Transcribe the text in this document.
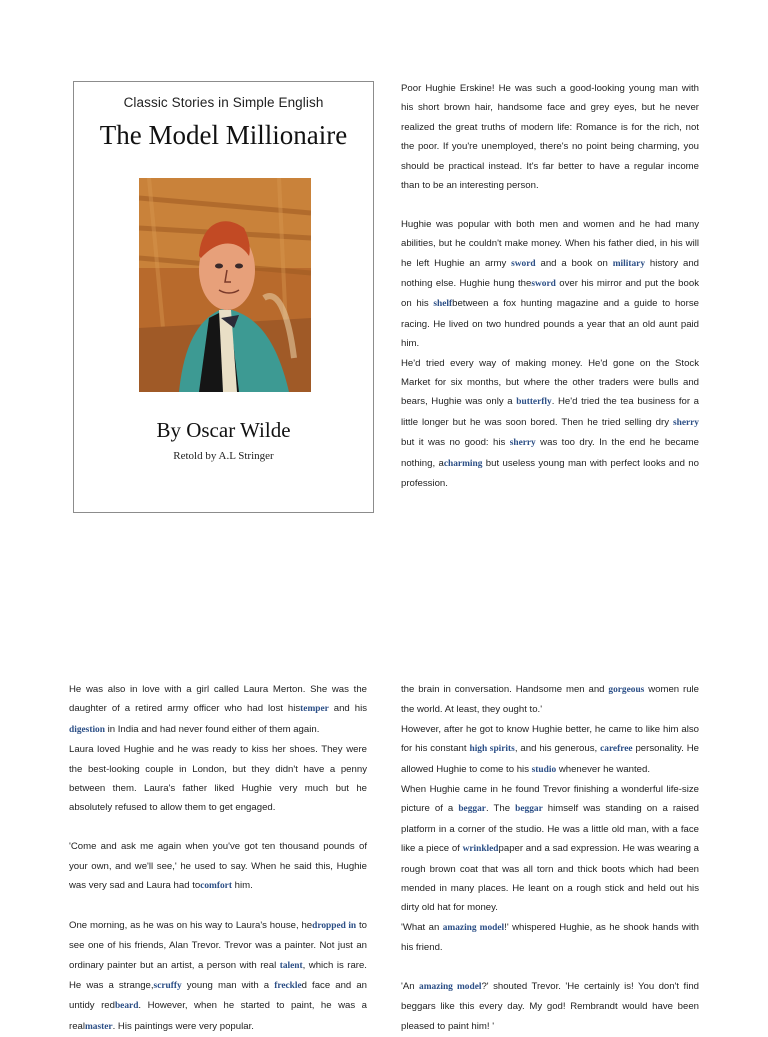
Classic Stories in Simple English
The Model Millionaire
By Oscar Wilde
Retold by A.L Stringer

Poor Hughie Erskine! He was such a good-looking young man with his short brown hair, handsome face and grey eyes, but he never realized the great truths of modern life: Romance is for the rich, not the poor. If you're unemployed, there's no point being charming, you should be practical instead. It's far better to have a regular income than to be an interesting person.

Hughie was popular with both men and women and he had many abilities, but he couldn't make money. When his father died, in his will he left Hughie an army sword and a book on military history and nothing else. Hughie hung thesword over his mirror and put the book on his shelfbetween a fox hunting magazine and a guide to horse racing. He lived on two hundred pounds a year that an old aunt paid him.

He'd tried every way of making money. He'd gone on the Stock Market for six months, but where the other traders were bulls and bears, Hughie was only a butterfly. He'd tried the tea business for a little longer but he was soon bored. Then he tried selling dry sherry but it was no good: his sherry was too dry. In the end he became nothing, acharming but useless young man with perfect looks and no profession.

He was also in love with a girl called Laura Merton. She was the daughter of a retired army officer who had lost histemper and his digestion in India and had never found either of them again.

Laura loved Hughie and he was ready to kiss her shoes. They were the best-looking couple in London, but they didn't have a penny between them. Laura's father liked Hughie very much but he absolutely refused to allow them to get engaged.

'Come and ask me again when you've got ten thousand pounds of your own, and we'll see,' he used to say. When he said this, Hughie was very sad and Laura had tocomfort him.

One morning, as he was on his way to Laura's house, hedropped in to see one of his friends, Alan Trevor. Trevor was a painter. Not just an ordinary painter but an artist, a person with real talent, which is rare. He was a strange,scruffy young man with a freckled face and an untidy redbeard. However, when he started to paint, he was a realmaster. His paintings were very popular.

the brain in conversation. Handsome men and gorgeous women rule the world. At least, they ought to.'

However, after he got to know Hughie better, he came to like him also for his constant high spirits, and his generous, carefree personality. He allowed Hughie to come to his studio whenever he wanted.

When Hughie came in he found Trevor finishing a wonderful life-size picture of a beggar. The beggar himself was standing on a raised platform in a corner of the studio. He was a little old man, with a face like a piece of wrinkledpaper and a sad expression. He was wearing a rough brown coat that was all torn and thick boots which had been mended in many places. He leant on a rough stick and held out his dirty old hat for money.

'What an amazing model!' whispered Hughie, as he shook hands with his friend.

'An amazing model?' shouted Trevor. 'He certainly is! You don't find beggars like this every day. My god! Rembrandt would have been pleased to paint him! '
